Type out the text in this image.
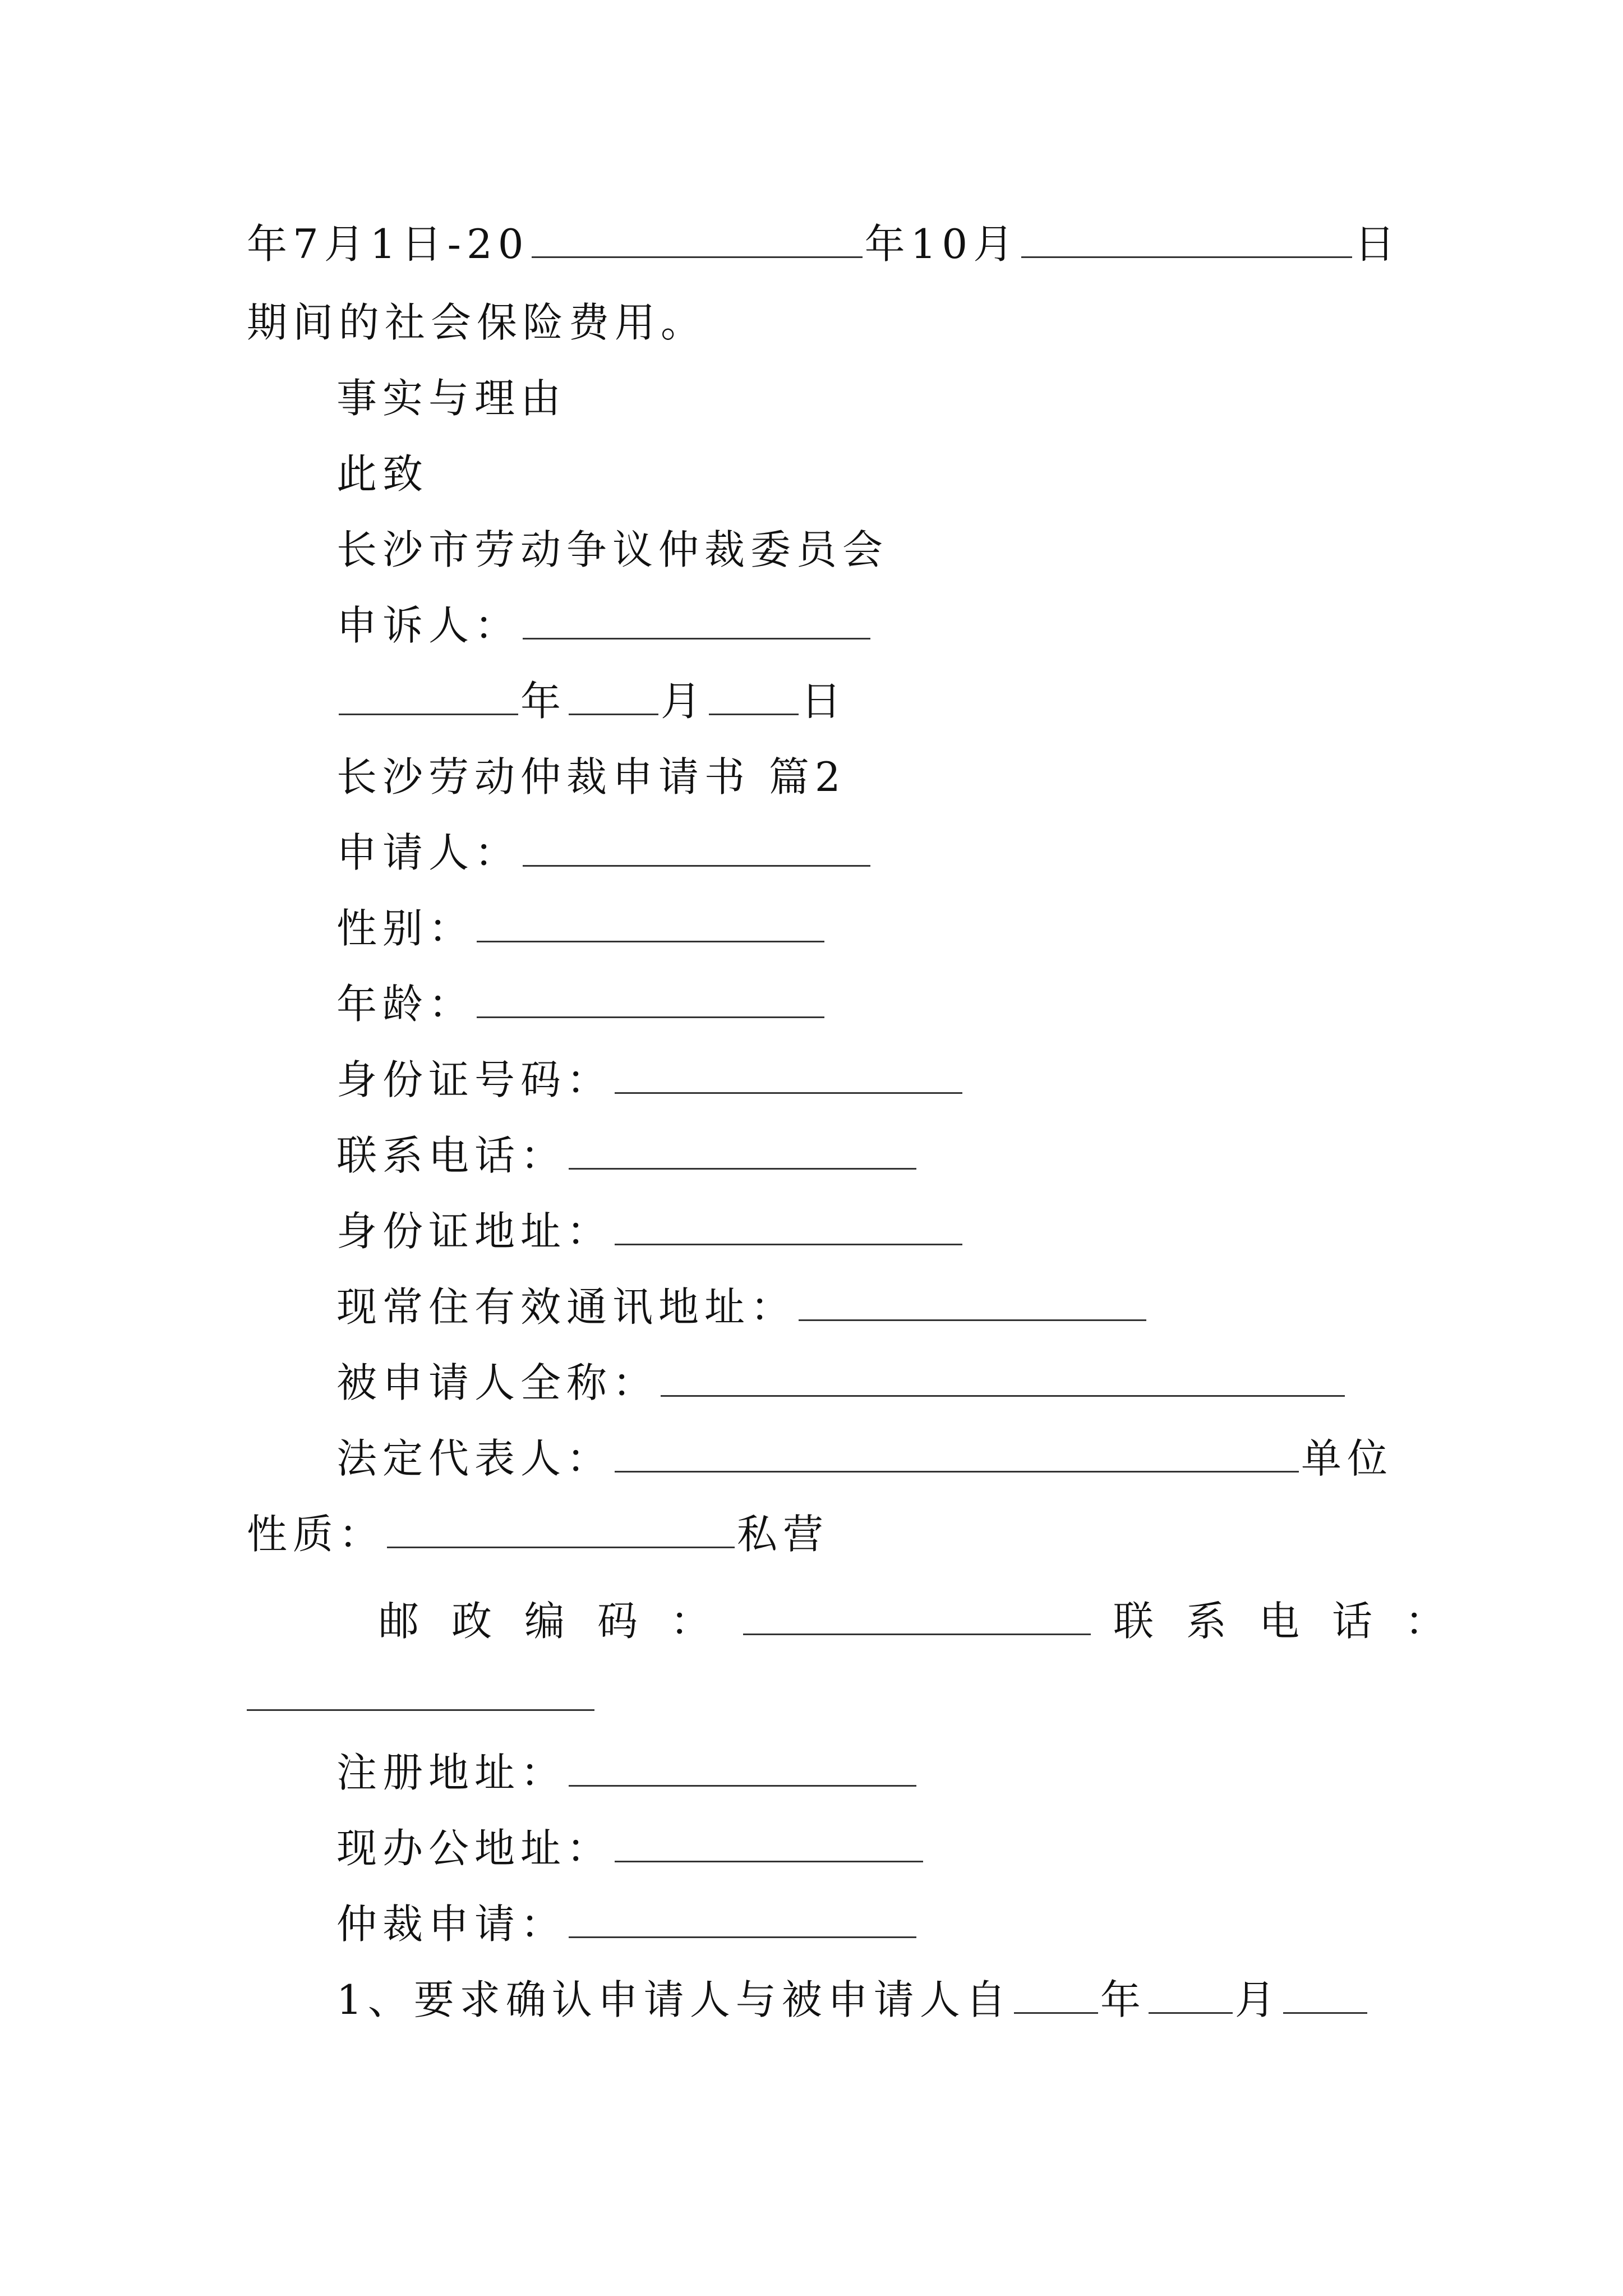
年7月1日-20	年10月	日
期间的社会保险费用。
事实与理由
此致
长沙市劳动争议仲裁委员会
申诉人：
年 月 日
长沙劳动仲裁申请书 篇2
申请人：
性别：
年龄：
身份证号码：
联系电话：
身份证地址：
现常住有效通讯地址：
被申请人全称：
法定代表人：	单位
性质：	私营
邮政编码：	联系电话：
注册地址：
现办公地址：
仲裁申请：
1、要求确认申请人与被申请人自 年 月
